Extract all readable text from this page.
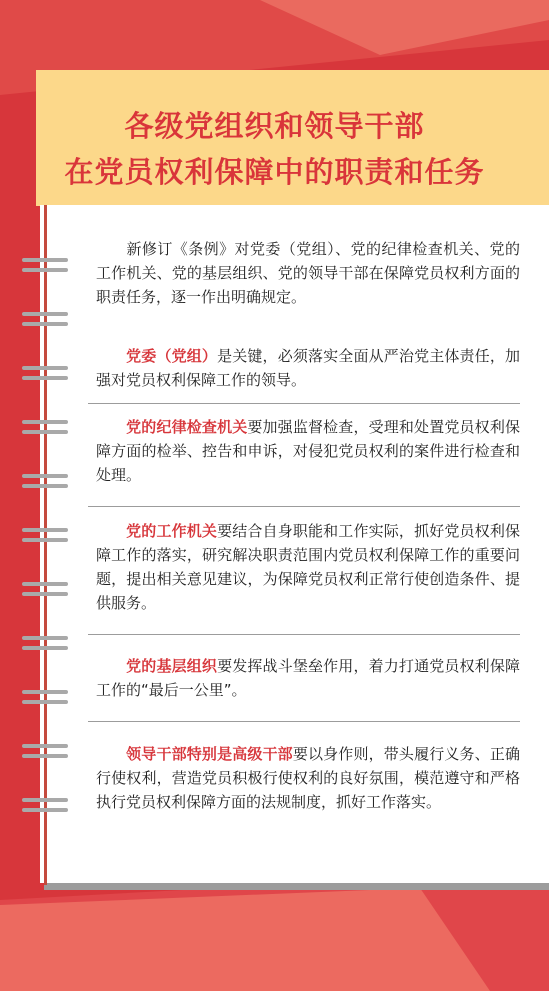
各级党组织和领导干部
在党员权利保障中的职责和任务

新修订《条例》对党委（党组）、党的纪律检查机关、党的工作机关、党的基层组织、党的领导干部在保障党员权利方面的职责任务，逐一作出明确规定。

党委（党组）是关键，必须落实全面从严治党主体责任，加强对党员权利保障工作的领导。

党的纪律检查机关要加强监督检查，受理和处置党员权利保障方面的检举、控告和申诉，对侵犯党员权利的案件进行检查和处理。

党的工作机关要结合自身职能和工作实际，抓好党员权利保障工作的落实，研究解决职责范围内党员权利保障工作的重要问题，提出相关意见建议，为保障党员权利正常行使创造条件、提供服务。

党的基层组织要发挥战斗堡垒作用，着力打通党员权利保障工作的“最后一公里”。

领导干部特别是高级干部要以身作则，带头履行义务、正确行使权利，营造党员积极行使权利的良好氛围，模范遵守和严格执行党员权利保障方面的法规制度，抓好工作落实。
